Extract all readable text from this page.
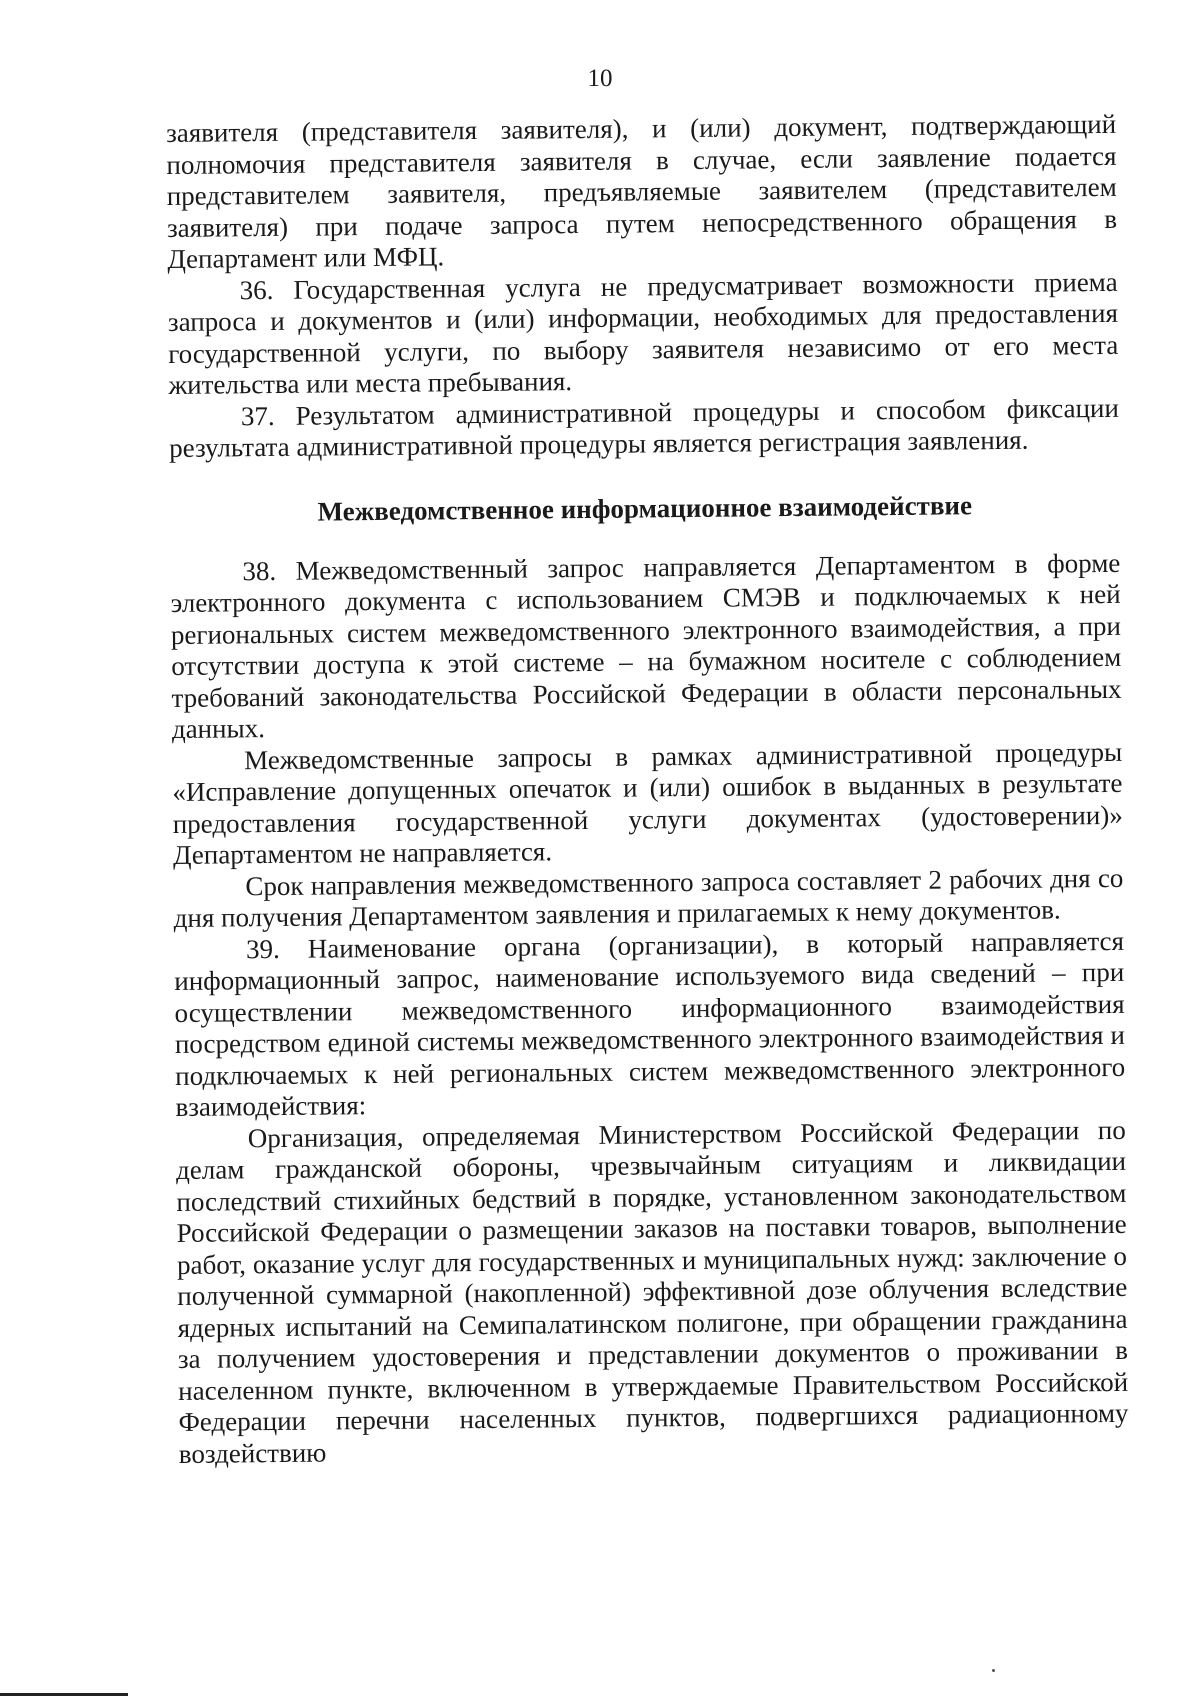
10

заявителя (представителя заявителя), и (или) документ, подтверждающий полномочия представителя заявителя в случае, если заявление подается представителем заявителя, предъявляемые заявителем (представителем заявителя) при подаче запроса путем непосредственного обращения в Департамент или МФЦ.

36. Государственная услуга не предусматривает возможности приема запроса и документов и (или) информации, необходимых для предоставления государственной услуги, по выбору заявителя независимо от его места жительства или места пребывания.

37. Результатом административной процедуры и способом фиксации результата административной процедуры является регистрация заявления.

Межведомственное информационное взаимодействие

38. Межведомственный запрос направляется Департаментом в форме электронного документа с использованием СМЭВ и подключаемых к ней региональных систем межведомственного электронного взаимодействия, а при отсутствии доступа к этой системе – на бумажном носителе с соблюдением требований законодательства Российской Федерации в области персональных данных.

Межведомственные запросы в рамках административной процедуры «Исправление допущенных опечаток и (или) ошибок в выданных в результате предоставления государственной услуги документах (удостоверении)» Департаментом не направляется.

Срок направления межведомственного запроса составляет 2 рабочих дня со дня получения Департаментом заявления и прилагаемых к нему документов.

39. Наименование органа (организации), в который направляется информационный запрос, наименование используемого вида сведений – при осуществлении межведомственного информационного взаимодействия посредством единой системы межведомственного электронного взаимодействия и подключаемых к ней региональных систем межведомственного электронного взаимодействия:

Организация, определяемая Министерством Российской Федерации по делам гражданской обороны, чрезвычайным ситуациям и ликвидации последствий стихийных бедствий в порядке, установленном законодательством Российской Федерации о размещении заказов на поставки товаров, выполнение работ, оказание услуг для государственных и муниципальных нужд: заключение о полученной суммарной (накопленной) эффективной дозе облучения вследствие ядерных испытаний на Семипалатинском полигоне, при обращении гражданина за получением удостоверения и представлении документов о проживании в населенном пункте, включенном в утверждаемые Правительством Российской Федерации перечни населенных пунктов, подвергшихся радиационному воздействию
